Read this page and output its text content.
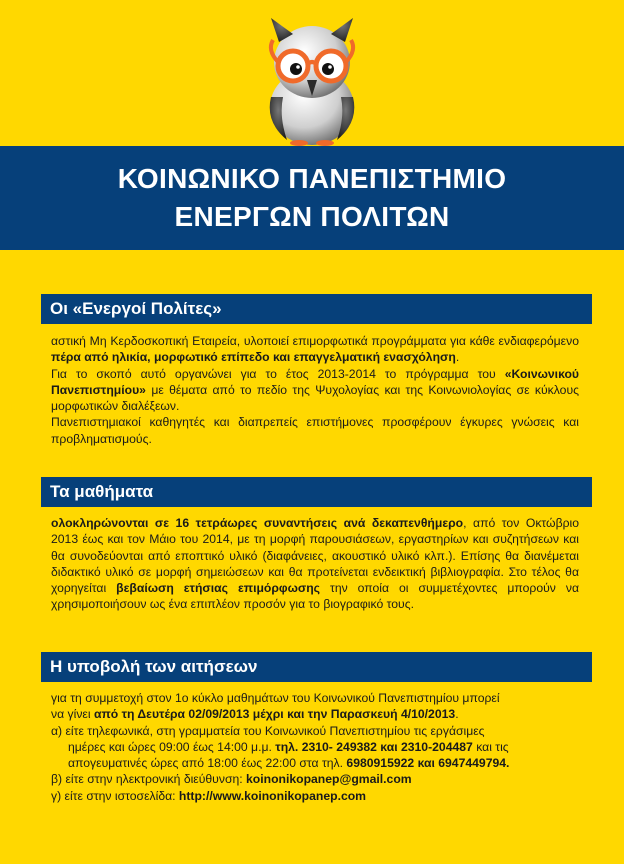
ΚΟΙΝΩΝΙΚΟ ΠΑΝΕΠΙΣΤΗΜΙΟ
ΕΝΕΡΓΩΝ ΠΟΛΙΤΩΝ
Οι «Ενεργοί Πολίτες»

αστική Μη Κερδοσκοπική Εταιρεία, υλοποιεί επιμορφωτικά προγράμματα για κάθε ενδιαφερόμενο πέρα από ηλικία, μορφωτικό επίπεδο και επαγγελματική ενασχόληση.

Για το σκοπό αυτό οργανώνει για το έτος 2013-2014 το πρόγραμμα του «Κοινωνικού Πανεπιστημίου» με θέματα από το πεδίο της Ψυχολογίας και της Κοινωνιολογίας σε κύκλους μορφωτικών διαλέξεων.

Πανεπιστημιακοί καθηγητές και διαπρεπείς επιστήμονες προσφέρουν έγκυρες γνώσεις και προβληματισμούς.

Τα μαθήματα

ολοκληρώνονται σε 16 τετράωρες συναντήσεις ανά δεκαπενθήμερο, από τον Οκτώβριο 2013 έως και τον Μάιο του 2014, με τη μορφή παρουσιάσεων, εργαστηρίων και συζητήσεων και θα συνοδεύονται από εποπτικό υλικό (διαφάνειες, ακουστικό υλικό κλπ.). Επίσης θα διανέμεται διδακτικό υλικό σε μορφή σημειώσεων και θα προτείνεται ενδεικτική βιβλιογραφία. Στο τέλος θα χορηγείται βεβαίωση ετήσιας επιμόρφωσης την οποία οι συμμετέχοντες μπορούν να χρησιμοποιήσουν ως ένα επιπλέον προσόν για το βιογραφικό τους.

Η υποβολή των αιτήσεων
για τη συμμετοχή στον 1ο κύκλο μαθημάτων του Κοινωνικού Πανεπιστημίου μπορεί
να γίνει από τη Δευτέρα 02/09/2013 μέχρι και την Παρασκευή 4/10/2013.
α) είτε τηλεφωνικά, στη γραμματεία του Κοινωνικού Πανεπιστημίου τις εργάσιμες
ημέρες και ώρες 09:00 έως 14:00 μ.μ. τηλ. 2310- 249382 και 2310-204487 και τις
απογευματινές ώρες από 18:00 έως 22:00 στα τηλ. 6980915922 και 6947449794.
β) είτε στην ηλεκτρονική διεύθυνση: koinonikopanep@gmail.com
γ) είτε στην ιστοσελίδα: http://www.koinonikopanep.com
